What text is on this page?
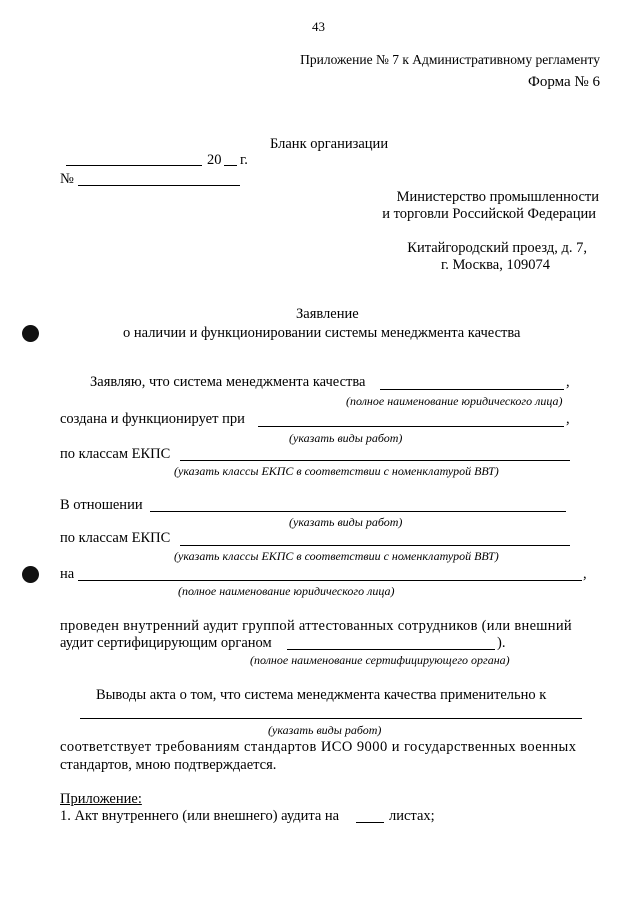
43
Приложение № 7 к Административному регламенту
Форма № 6
Бланк организации
20 г.
№
Министерство промышленности
и торговли Российской Федерации
Китайгородский проезд, д. 7,
г. Москва, 109074
Заявление
о наличии и функционировании системы менеджмента качества
Заявляю, что система менеджмента качества	,
(полное наименование юридического лица)
создана и функционирует при	,
(указать виды работ)
по классам ЕКПС
(указать классы ЕКПС в соответствии с номенклатурой ВВТ)
В отношении
(указать виды работ)
по классам ЕКПС
(указать классы ЕКПС в соответствии с номенклатурой ВВТ)
на	,
(полное наименование юридического лица)
проведен внутренний аудит группой аттестованных сотрудников (или внешний
аудит сертифицирующим органом	).
(полное наименование сертифицирующего органа)
Выводы акта о том, что система менеджмента качества применительно к
(указать виды работ)
соответствует требованиям стандартов ИСО 9000 и государственных военных
стандартов, мною подтверждается.
Приложение:
1. Акт внутреннего (или внешнего) аудита на	листах;
